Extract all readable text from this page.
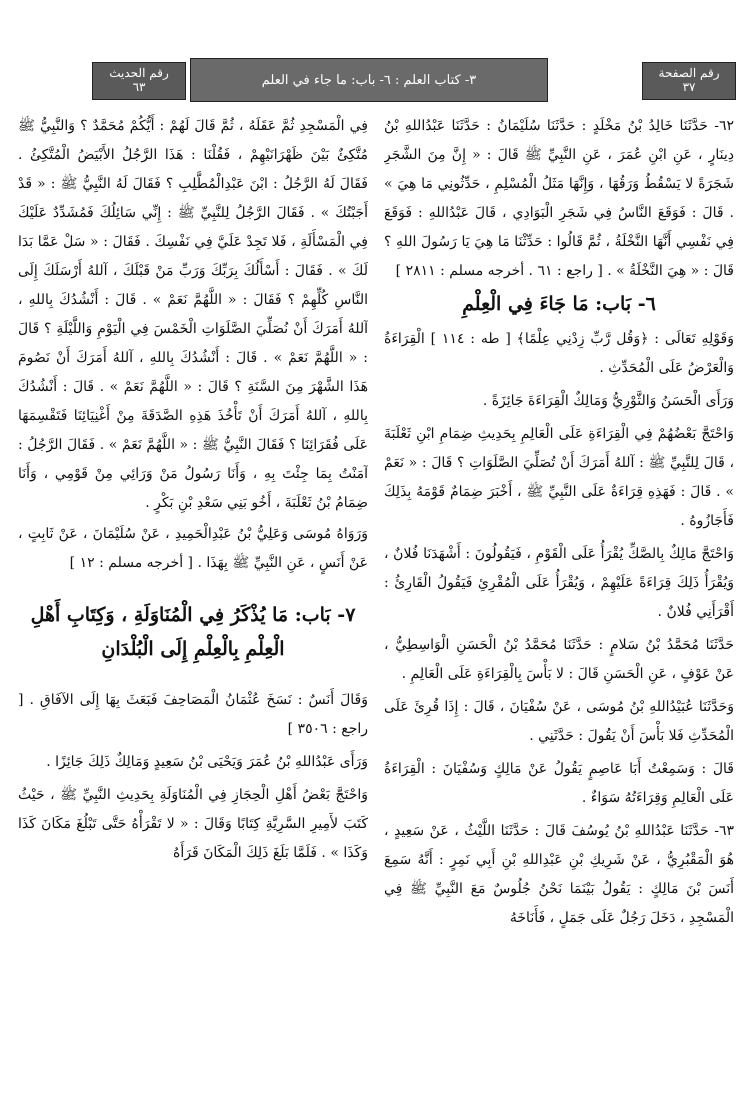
رقم الصفحة
٣٧
٣- كتاب العلم : ٦- باب: ما جاء في العلم
رقم الحديث
٦٣

٦٢- حَدَّثَنَا خَالِدُ بْنُ مَخْلَدٍ : حَدَّثَنَا سُلَيْمَانُ : حَدَّثَنَا عَبْدُاللهِ بْنُ دِينَارٍ ، عَنِ ابْنِ عُمَرَ ، عَنِ النَّبِيِّ ﷺ قَالَ : « إِنَّ مِنَ الشَّجَرِ شَجَرَةً لا يَسْقُطُ وَرَقُهَا ، وَإِنَّهَا مَثَلُ الْمُسْلِمِ ، حَدِّثُونِي مَا هِيَ » . قَالَ : فَوَقَعَ النَّاسُ فِي شَجَرِ الْبَوَادِي ، قَالَ عَبْدُاللهِ : فَوَقَعَ فِي نَفْسِي أَنَّهَا النَّخْلَةُ ، ثُمَّ قَالُوا : حَدِّثْنَا مَا هِيَ يَا رَسُولَ اللهِ ؟ قَالَ : « هِيَ النَّخْلَةُ » . [ راجع : ٦١ . أخرجه مسلم : ٢٨١١ ]

٦- بَاب: مَا جَاءَ فِي الْعِلْمِ

وَقَوْلِهِ تَعَالَى : ﴿وَقُل رَّبِّ زِدْنِي عِلْمًا﴾ [ طه : ١١٤ ] الْقِرَاءَةُ وَالْعَرْضُ عَلَى الْمُحَدِّثِ .

وَرَأَى الْحَسَنُ وَالثَّوْرِيُّ وَمَالِكٌ الْقِرَاءَةَ جَائِزَةً .

وَاحْتَجَّ بَعْضُهُمْ فِي الْقِرَاءَةِ عَلَى الْعَالِمِ بِحَدِيثِ ضِمَامِ ابْنِ ثَعْلَبَةَ ، قَالَ لِلنَّبِيِّ ﷺ : آللهُ أَمَرَكَ أَنْ تُصَلِّيَ الصَّلَوَاتِ ؟ قَالَ : « نَعَمْ » . قَالَ : فَهَذِهِ قِرَاءَةٌ عَلَى النَّبِيِّ ﷺ ، أَخْبَرَ ضِمَامٌ قَوْمَهُ بِذَلِكَ فَأَجَازُوهُ .

وَاحْتَجَّ مَالِكٌ بِالصَّكِّ يُقْرَأُ عَلَى الْقَوْمِ ، فَيَقُولُونَ : أَشْهَدَنَا فُلانٌ ، وَيُقْرَأُ ذَلِكَ قِرَاءَةً عَلَيْهِمْ ، وَيُقْرَأُ عَلَى الْمُقْرِئِ فَيَقُولُ الْقَارِئُ : أَقْرَأَنِي فُلانٌ .

حَدَّثَنَا مُحَمَّدُ بْنُ سَلامٍ : حَدَّثَنَا مُحَمَّدُ بْنُ الْحَسَنِ الْوَاسِطِيُّ ، عَنْ عَوْفٍ ، عَنِ الْحَسَنِ قَالَ : لا بَأْسَ بِالْقِرَاءَةِ عَلَى الْعَالِمِ .

وَحَدَّثَنَا عُبَيْدُاللهِ بْنُ مُوسَى ، عَنْ سُفْيَانَ ، قَالَ : إِذَا قُرِئَ عَلَى الْمُحَدِّثِ فَلا بَأْسَ أَنْ يَقُولَ : حَدَّثَنِي .

قَالَ : وَسَمِعْتُ أَبَا عَاصِمٍ يَقُولُ عَنْ مَالِكٍ وَسُفْيَانَ : الْقِرَاءَةُ عَلَى الْعَالِمِ وَقِرَاءَتُهُ سَوَاءٌ .

٦٣- حَدَّثَنَا عَبْدُاللهِ بْنُ يُوسُفَ قَالَ : حَدَّثَنَا اللَّيْثُ ، عَنْ سَعِيدٍ ، هُوَ الْمَقْبُرِيُّ ، عَنْ شَرِيكِ بْنِ عَبْدِاللهِ بْنِ أَبِي نَمِرٍ : أَنَّهُ سَمِعَ أَنَسَ بْنَ مَالِكٍ : يَقُولُ بَيْنَمَا نَحْنُ جُلُوسٌ مَعَ النَّبِيِّ ﷺ فِي الْمَسْجِدِ ، دَخَلَ رَجُلٌ عَلَى جَمَلٍ ، فَأَنَاخَهُ

فِي الْمَسْجِدِ ثُمَّ عَقَلَهُ ، ثُمَّ قَالَ لَهُمْ : أَيُّكُمْ مُحَمَّدٌ ؟ وَالنَّبِيُّ ﷺ مُتَّكِئٌ بَيْنَ ظَهْرَانَيْهِمْ ، فَقُلْنَا : هَذَا الرَّجُلُ الأَبْيَضُ الْمُتَّكِئُ . فَقَالَ لَهُ الرَّجُلُ : ابْنَ عَبْدِالْمُطَّلِبِ ؟ فَقَالَ لَهُ النَّبِيُّ ﷺ : « قَدْ أَجَبْتُكَ » . فَقَالَ الرَّجُلُ لِلنَّبِيِّ ﷺ : إِنِّي سَائِلُكَ فَمُشَدِّدٌ عَلَيْكَ فِي الْمَسْأَلَةِ ، فَلا تَجِدْ عَلَيَّ فِي نَفْسِكَ . فَقَالَ : « سَلْ عَمَّا بَدَا لَكَ » . فَقَالَ : أَسْأَلُكَ بِرَبِّكَ وَرَبِّ مَنْ قَبْلَكَ ، آللهُ أَرْسَلَكَ إِلَى النَّاسِ كُلِّهِمْ ؟ فَقَالَ : « اللَّهُمَّ نَعَمْ » . قَالَ : أَنْشُدُكَ بِاللهِ ، آللهُ أَمَرَكَ أَنْ نُصَلِّيَ الصَّلَوَاتِ الْخَمْسَ فِي الْيَوْمِ وَاللَّيْلَةِ ؟ قَالَ : « اللَّهُمَّ نَعَمْ » . قَالَ : أَنْشُدُكَ بِاللهِ ، آللهُ أَمَرَكَ أَنْ نَصُومَ هَذَا الشَّهْرَ مِنَ السَّنَةِ ؟ قَالَ : « اللَّهُمَّ نَعَمْ » . قَالَ : أَنْشُدُكَ بِاللهِ ، آللهُ أَمَرَكَ أَنْ تَأْخُذَ هَذِهِ الصَّدَقَةَ مِنْ أَغْنِيَائِنَا فَتَقْسِمَهَا عَلَى فُقَرَائِنَا ؟ فَقَالَ النَّبِيُّ ﷺ : « اللَّهُمَّ نَعَمْ » . فَقَالَ الرَّجُلُ : آمَنْتُ بِمَا جِئْتَ بِهِ ، وَأَنَا رَسُولُ مَنْ وَرَائِي مِنْ قَوْمِي ، وَأَنَا ضِمَامُ بْنُ ثَعْلَبَةَ ، أَخُو بَنِي سَعْدِ بْنِ بَكْرٍ .

وَرَوَاهُ مُوسَى وَعَلِيُّ بْنُ عَبْدِالْحَمِيدِ ، عَنْ سُلَيْمَانَ ، عَنْ ثَابِتٍ ، عَنْ أَنَسٍ ، عَنِ النَّبِيِّ ﷺ بِهَذَا . [ أخرجه مسلم : ١٢ ]

٧- بَاب: مَا يُذْكَرُ فِي الْمُنَاوَلَةِ ، وَكِتَابِ أَهْلِ الْعِلْمِ بِالْعِلْمِ إِلَى الْبُلْدَانِ

وَقَالَ أَنَسٌ : نَسَخَ عُثْمَانُ الْمَصَاحِفَ فَبَعَثَ بِهَا إِلَى الآفَاقِ . [ راجع : ٣٥٠٦ ]

وَرَأَى عَبْدُاللهِ بْنُ عُمَرَ وَيَحْيَى بْنُ سَعِيدٍ وَمَالِكٌ ذَلِكَ جَائِزًا .

وَاحْتَجَّ بَعْضُ أَهْلِ الْحِجَازِ فِي الْمُنَاوَلَةِ بِحَدِيثِ النَّبِيِّ ﷺ ، حَيْثُ كَتَبَ لأَمِيرِ السَّرِيَّةِ كِتَابًا وَقَالَ : « لا تَقْرَأْهُ حَتَّى تَبْلُغَ مَكَانَ كَذَا وَكَذَا » . فَلَمَّا بَلَغَ ذَلِكَ الْمَكَانَ قَرَأَهُ
